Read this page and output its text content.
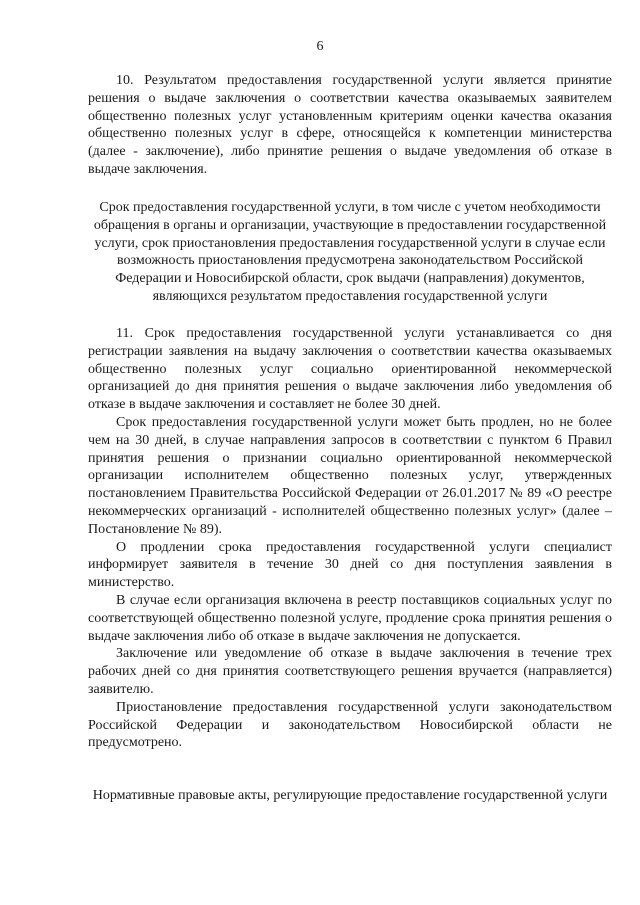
6

10. Результатом предоставления государственной услуги является принятие решения о выдаче заключения о соответствии качества оказываемых заявителем общественно полезных услуг установленным критериям оценки качества оказания общественно полезных услуг в сфере, относящейся к компетенции министерства (далее - заключение), либо принятие решения о выдаче уведомления об отказе в выдаче заключения.

Срок предоставления государственной услуги, в том числе с учетом необходимости обращения в органы и организации, участвующие в предоставлении государственной услуги, срок приостановления предоставления государственной услуги в случае если возможность приостановления предусмотрена законодательством Российской Федерации и Новосибирской области, срок выдачи (направления) документов, являющихся результатом предоставления государственной услуги

11. Срок предоставления государственной услуги устанавливается со дня регистрации заявления на выдачу заключения о соответствии качества оказываемых общественно полезных услуг социально ориентированной некоммерческой организацией до дня принятия решения о выдаче заключения либо уведомления об отказе в выдаче заключения и составляет не более 30 дней.

Срок предоставления государственной услуги может быть продлен, но не более чем на 30 дней, в случае направления запросов в соответствии с пунктом 6 Правил принятия решения о признании социально ориентированной некоммерческой организации исполнителем общественно полезных услуг, утвержденных постановлением Правительства Российской Федерации от 26.01.2017 № 89 «О реестре некоммерческих организаций - исполнителей общественно полезных услуг» (далее – Постановление № 89).

О продлении срока предоставления государственной услуги специалист информирует заявителя в течение 30 дней со дня поступления заявления в министерство.

В случае если организация включена в реестр поставщиков социальных услуг по соответствующей общественно полезной услуге, продление срока принятия решения о выдаче заключения либо об отказе в выдаче заключения не допускается.

Заключение или уведомление об отказе в выдаче заключения в течение трех рабочих дней со дня принятия соответствующего решения вручается (направляется) заявителю.

Приостановление предоставления государственной услуги законодательством Российской Федерации и законодательством Новосибирской области не предусмотрено.

Нормативные правовые акты, регулирующие предоставление государственной услуги
